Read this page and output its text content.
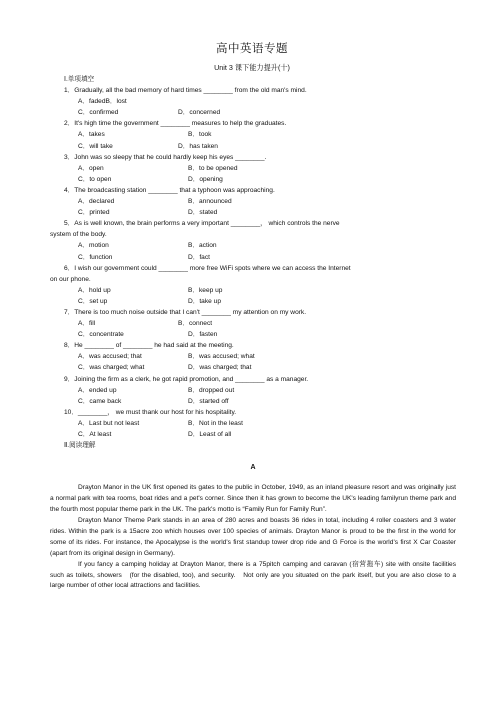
高中英语专题
Unit 3 课下能力提升(十)
Ⅰ.单项填空
1．Gradually, all the bad memory of hard times ________ from the old man's mind.
A．fadedB．lost
C．confirmed	D．concerned
2．It's high time the government ________ measures to help the graduates.
A．takes	B．took
C．will take	D．has taken
3．John was so sleepy that he could hardly keep his eyes ________.
A．open	B．to be opened
C．to open	D．opening
4．The broadcasting station ________ that a typhoon was approaching.
A．declared	B．announced
C．printed	D．stated
5．As is well known, the brain performs a very important ________， which controls the nerve
system of the body.
A．motion	B．action
C．function	D．fact
6．I wish our government could ________ more free WiFi spots where we can access the Internet
on our phone.
A．hold up	B．keep up
C．set up	D．take up
7．There is too much noise outside that I can't ________ my attention on my work.
A．fill	B．connect
C．concentrate	D．fasten
8．He ________ of ________ he had said at the meeting.
A．was accused; that	B．was accused; what
C．was charged; what	D．was charged; that
9．Joining the firm as a clerk, he got rapid promotion, and ________ as a manager.
A．ended up	B．dropped out
C．came back	D．started off
10．________， we must thank our host for his hospitality.
A．Last but not least	B．Not in the least
C．At least	D．Least of all
Ⅱ.阅读理解
A

Drayton Manor in the UK first opened its gates to the public in October, 1949, as an inland pleasure resort and was originally just a normal park with tea rooms, boat rides and a pet's corner. Since then it has grown to become the UK's leading familyrun theme park and the fourth most popular theme park in the UK. The park's motto is “Family Run for Family Run”.

Drayton Manor Theme Park stands in an area of 280 acres and boasts 36 rides in total, including 4 roller coasters and 3 water rides. Within the park is a 15acre zoo which houses over 100 species of animals. Drayton Manor is proud to be the first in the world for some of its rides. For instance, the Apocalypse is the world's first standup tower drop ride and G Force is the world's first X Car Coaster (apart from its original design in Germany).

If you fancy a camping holiday at Drayton Manor, there is a 75pitch camping and caravan (宿营拖车) site with onsite facilities such as toilets, showers　(for the disabled, too), and security.　Not only are you situated on the park itself, but you are also close to a large number of other local attractions and facilities.
